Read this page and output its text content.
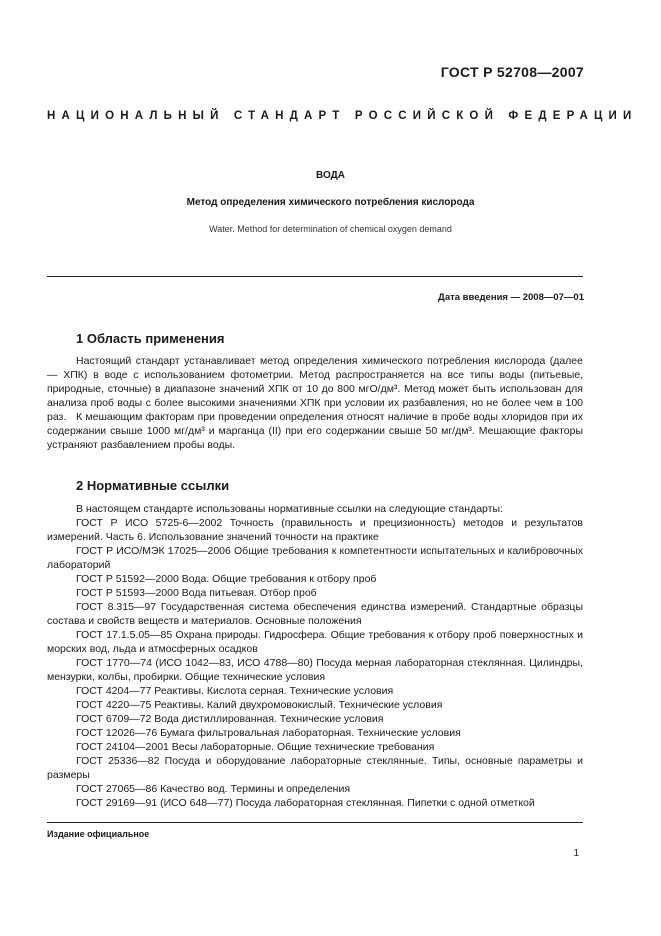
ГОСТ Р 52708—2007
НАЦИОНАЛЬНЫЙ СТАНДАРТ РОССИЙСКОЙ ФЕДЕРАЦИИ
ВОДА
Метод определения химического потребления кислорода
Water. Method for determination of chemical oxygen demand
Дата введения — 2008—07—01
1 Область применения
Настоящий стандарт устанавливает метод определения химического потребления кислорода (далее — ХПК) в воде с использованием фотометрии. Метод распространяется на все типы воды (питьевые, природные, сточные) в диапазоне значений ХПК от 10 до 800 мгО/дм³. Метод может быть использован для анализа проб воды с более высокими значениями ХПК при условии их разбавления, но не более чем в 100 раз. К мешающим факторам при проведении определения относят наличие в пробе воды хлоридов при их содержании свыше 1000 мг/дм³ и марганца (II) при его содержании свыше 50 мг/дм³. Мешающие факторы устраняют разбавлением пробы воды.
2 Нормативные ссылки
В настоящем стандарте использованы нормативные ссылки на следующие стандарты:
ГОСТ Р ИСО 5725-6—2002 Точность (правильность и прецизионность) методов и результатов измерений. Часть 6. Использование значений точности на практике
ГОСТ Р ИСО/МЭК 17025—2006 Общие требования к компетентности испытательных и калибровочных лабораторий
ГОСТ Р 51592—2000 Вода. Общие требования к отбору проб
ГОСТ Р 51593—2000 Вода питьевая. Отбор проб
ГОСТ 8.315—97 Государственная система обеспечения единства измерений. Стандартные образцы состава и свойств веществ и материалов. Основные положения
ГОСТ 17.1.5.05—85 Охрана природы. Гидросфера. Общие требования к отбору проб поверхностных и морских вод, льда и атмосферных осадков
ГОСТ 1770—74 (ИСО 1042—83, ИСО 4788—80) Посуда мерная лабораторная стеклянная. Цилиндры, мензурки, колбы, пробирки. Общие технические условия
ГОСТ 4204—77 Реактивы. Кислота серная. Технические условия
ГОСТ 4220—75 Реактивы. Калий двухромовокислый. Технические условия
ГОСТ 6709—72 Вода дистиллированная. Технические условия
ГОСТ 12026—76 Бумага фильтровальная лабораторная. Технические условия
ГОСТ 24104—2001 Весы лабораторные. Общие технические требования
ГОСТ 25336—82 Посуда и оборудование лабораторные стеклянные. Типы, основные параметры и размеры
ГОСТ 27065—86 Качество вод. Термины и определения
ГОСТ 29169—91 (ИСО 648—77) Посуда лабораторная стеклянная. Пипетки с одной отметкой
Издание официальное
1
